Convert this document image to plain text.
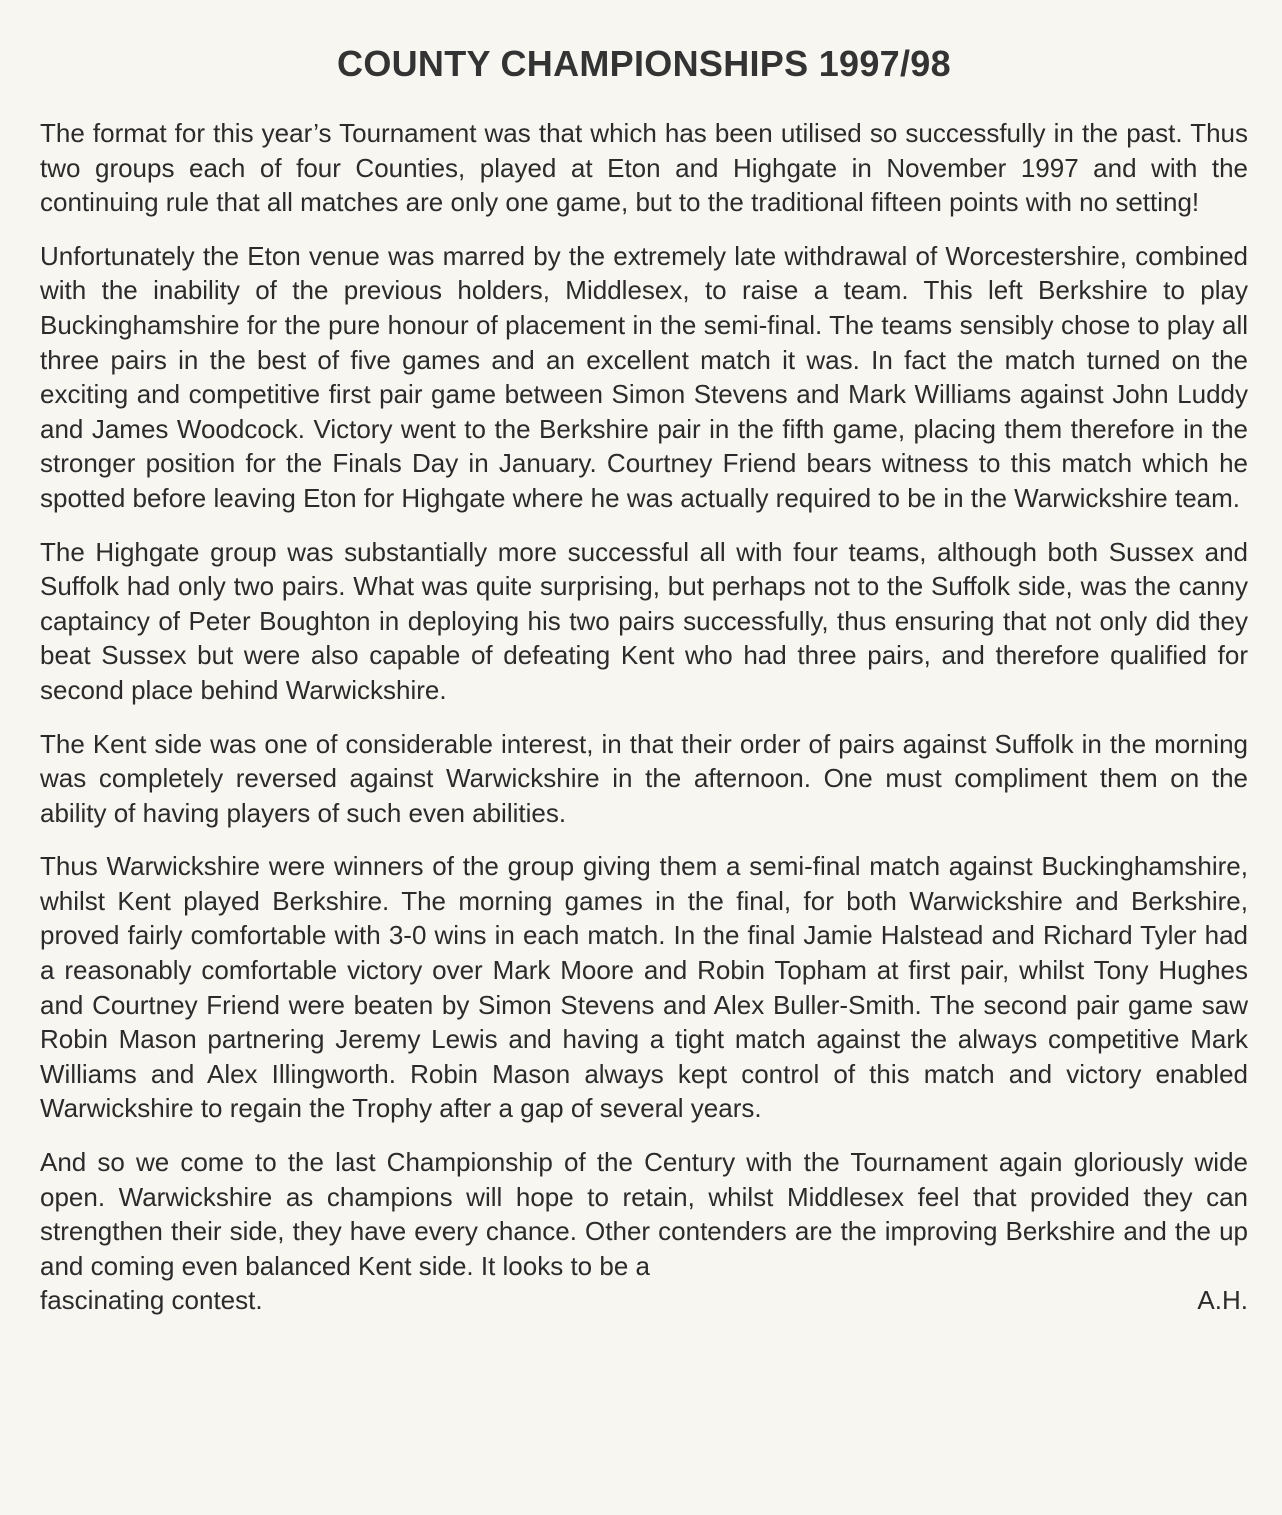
COUNTY CHAMPIONSHIPS 1997/98

The format for this year’s Tournament was that which has been utilised so successfully in the past. Thus two groups each of four Counties, played at Eton and Highgate in November 1997 and with the continuing rule that all matches are only one game, but to the traditional fifteen points with no setting!

Unfortunately the Eton venue was marred by the extremely late withdrawal of Worcestershire, combined with the inability of the previous holders, Middlesex, to raise a team. This left Berkshire to play Buckinghamshire for the pure honour of placement in the semi-final. The teams sensibly chose to play all three pairs in the best of five games and an excellent match it was. In fact the match turned on the exciting and competitive first pair game between Simon Stevens and Mark Williams against John Luddy and James Woodcock. Victory went to the Berkshire pair in the fifth game, placing them therefore in the stronger position for the Finals Day in January. Courtney Friend bears witness to this match which he spotted before leaving Eton for Highgate where he was actually required to be in the Warwickshire team.

The Highgate group was substantially more successful all with four teams, although both Sussex and Suffolk had only two pairs. What was quite surprising, but perhaps not to the Suffolk side, was the canny captaincy of Peter Boughton in deploying his two pairs successfully, thus ensuring that not only did they beat Sussex but were also capable of defeating Kent who had three pairs, and therefore qualified for second place behind Warwickshire.

The Kent side was one of considerable interest, in that their order of pairs against Suffolk in the morning was completely reversed against Warwickshire in the afternoon. One must compliment them on the ability of having players of such even abilities.

Thus Warwickshire were winners of the group giving them a semi-final match against Buckinghamshire, whilst Kent played Berkshire. The morning games in the final, for both Warwickshire and Berkshire, proved fairly comfortable with 3-0 wins in each match. In the final Jamie Halstead and Richard Tyler had a reasonably comfortable victory over Mark Moore and Robin Topham at first pair, whilst Tony Hughes and Courtney Friend were beaten by Simon Stevens and Alex Buller-Smith. The second pair game saw Robin Mason partnering Jeremy Lewis and having a tight match against the always competitive Mark Williams and Alex Illingworth. Robin Mason always kept control of this match and victory enabled Warwickshire to regain the Trophy after a gap of several years.

And so we come to the last Championship of the Century with the Tournament again gloriously wide open. Warwickshire as champions will hope to retain, whilst Middlesex feel that provided they can strengthen their side, they have every chance. Other contenders are the improving Berkshire and the up and coming even balanced Kent side. It looks to be a

fascinating contest.	A.H.
